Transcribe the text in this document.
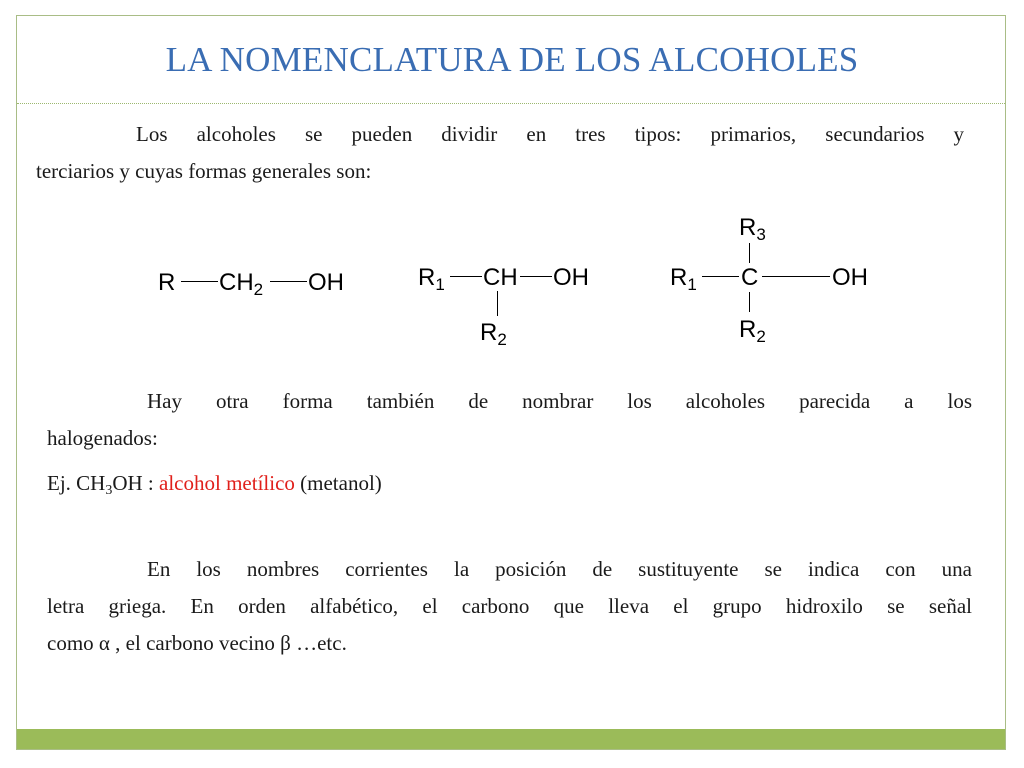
LA NOMENCLATURA DE LOS ALCOHOLES
Los alcoholes se pueden dividir en tres tipos: primarios, secundarios y
terciarios y cuyas formas generales son:
R $CH_2$ OH	$R_1$ CH OH
$R_2$
$R_3$
$R_1$ C	OH
$R_2$
Hay otra forma también de nombrar los alcoholes parecida a los
halogenados:
Ej. $CH_3OH$ : alcohol metílico (metanol)
En los nombres corrientes la posición de sustituyente se indica con una
letra griega. En orden alfabético, el carbono que lleva el grupo hidroxilo se señal
como α , el carbono vecino β …etc.
